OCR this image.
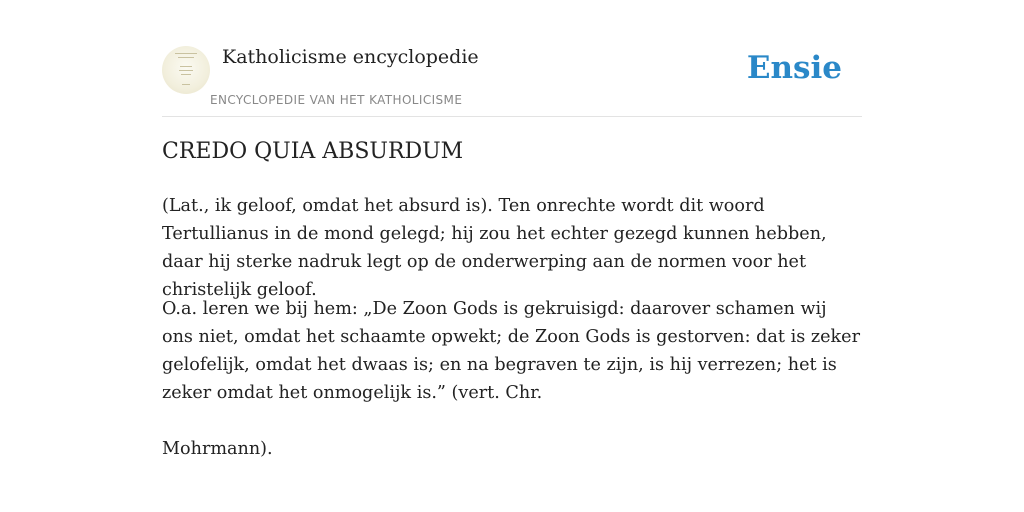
Katholicisme encyclopedie
ENCYCLOPEDIE VAN HET KATHOLICISME
Ensie
CREDO QUIA ABSURDUM

(Lat., ik geloof, omdat het absurd is). Ten onrechte wordt dit woord Tertullianus in de mond gelegd; hij zou het echter gezegd kunnen hebben, daar hij sterke nadruk legt op de onderwerping aan de normen voor het christelijk geloof.

O.a. leren we bij hem: „De Zoon Gods is gekruisigd: daarover schamen wij ons niet, omdat het schaamte opwekt; de Zoon Gods is gestorven: dat is zeker gelofelijk, omdat het dwaas is; en na begraven te zijn, is hij verrezen; het is zeker omdat het onmogelijk is.” (vert. Chr.

Mohrmann).
